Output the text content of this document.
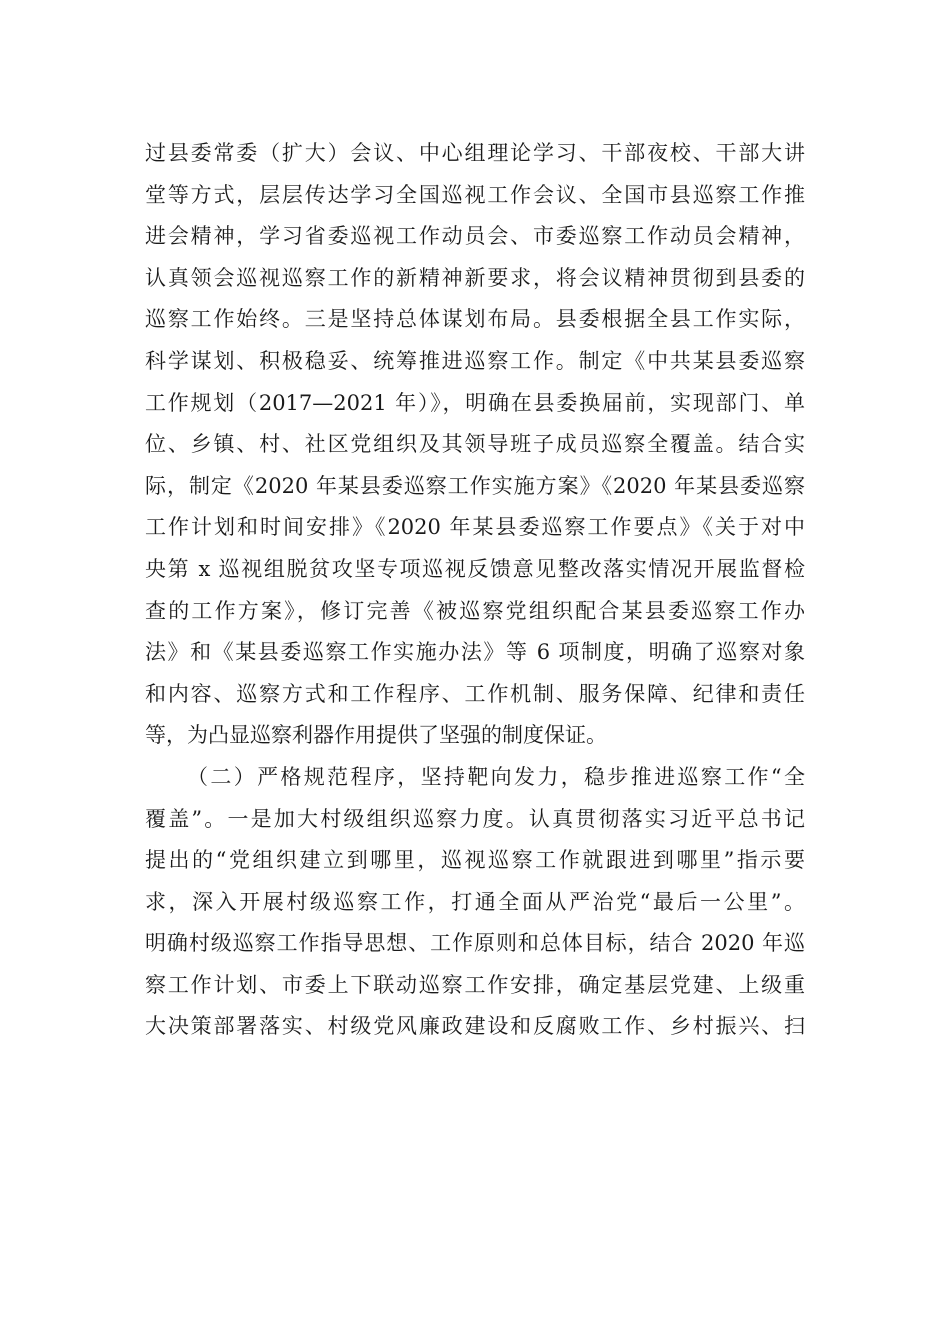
过县委常委（扩大）会议、中心组理论学习、干部夜校、干部大讲
堂等方式，层层传达学习全国巡视工作会议、全国市县巡察工作推
进会精神，学习省委巡视工作动员会、市委巡察工作动员会精神，
认真领会巡视巡察工作的新精神新要求，将会议精神贯彻到县委的
巡察工作始终。三是坚持总体谋划布局。县委根据全县工作实际，
科学谋划、积极稳妥、统筹推进巡察工作。制定《中共某县委巡察
工作规划（2017—2021 年）》，明确在县委换届前，实现部门、单
位、乡镇、村、社区党组织及其领导班子成员巡察全覆盖。结合实
际，制定《2020 年某县委巡察工作实施方案》《2020 年某县委巡察
工作计划和时间安排》《2020 年某县委巡察工作要点》《关于对中
央第 x 巡视组脱贫攻坚专项巡视反馈意见整改落实情况开展监督检
查的工作方案》，修订完善《被巡察党组织配合某县委巡察工作办
法》和《某县委巡察工作实施办法》等 6 项制度，明确了巡察对象
和内容、巡察方式和工作程序、工作机制、服务保障、纪律和责任
等，为凸显巡察利器作用提供了坚强的制度保证。
（二）严格规范程序，坚持靶向发力，稳步推进巡察工作“全
覆盖”。一是加大村级组织巡察力度。认真贯彻落实习近平总书记
提出的“党组织建立到哪里，巡视巡察工作就跟进到哪里”指示要
求，深入开展村级巡察工作，打通全面从严治党“最后一公里”。
明确村级巡察工作指导思想、工作原则和总体目标，结合 2020 年巡
察工作计划、市委上下联动巡察工作安排，确定基层党建、上级重
大决策部署落实、村级党风廉政建设和反腐败工作、乡村振兴、扫
